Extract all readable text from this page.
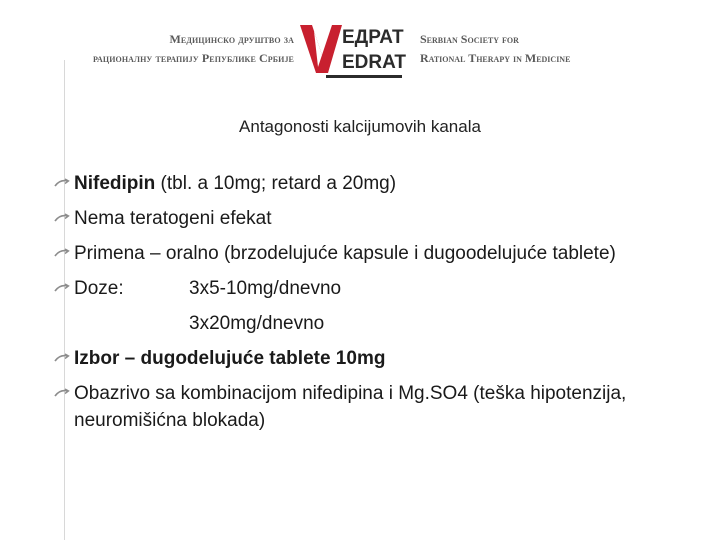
Медицинско друштво за
рационалну терапију Републике Србије
ЕДРАТ
EDRAT
Serbian Society for
Rational Therapy in Medicine
Antagonosti kalcijumovih kanala
Nifedipin (tbl. a 10mg; retard a 20mg)
Nema teratogeni efekat
Primena – oralno (brzodelujuće kapsule i dugoodelujuće tablete)
Doze:	3x5-10mg/dnevno
3x20mg/dnevno
Izbor – dugodelujuće tablete 10mg
Obazrivo sa kombinacijom nifedipina i Mg.SO4 (teška hipotenzija, neuromišićna blokada)
